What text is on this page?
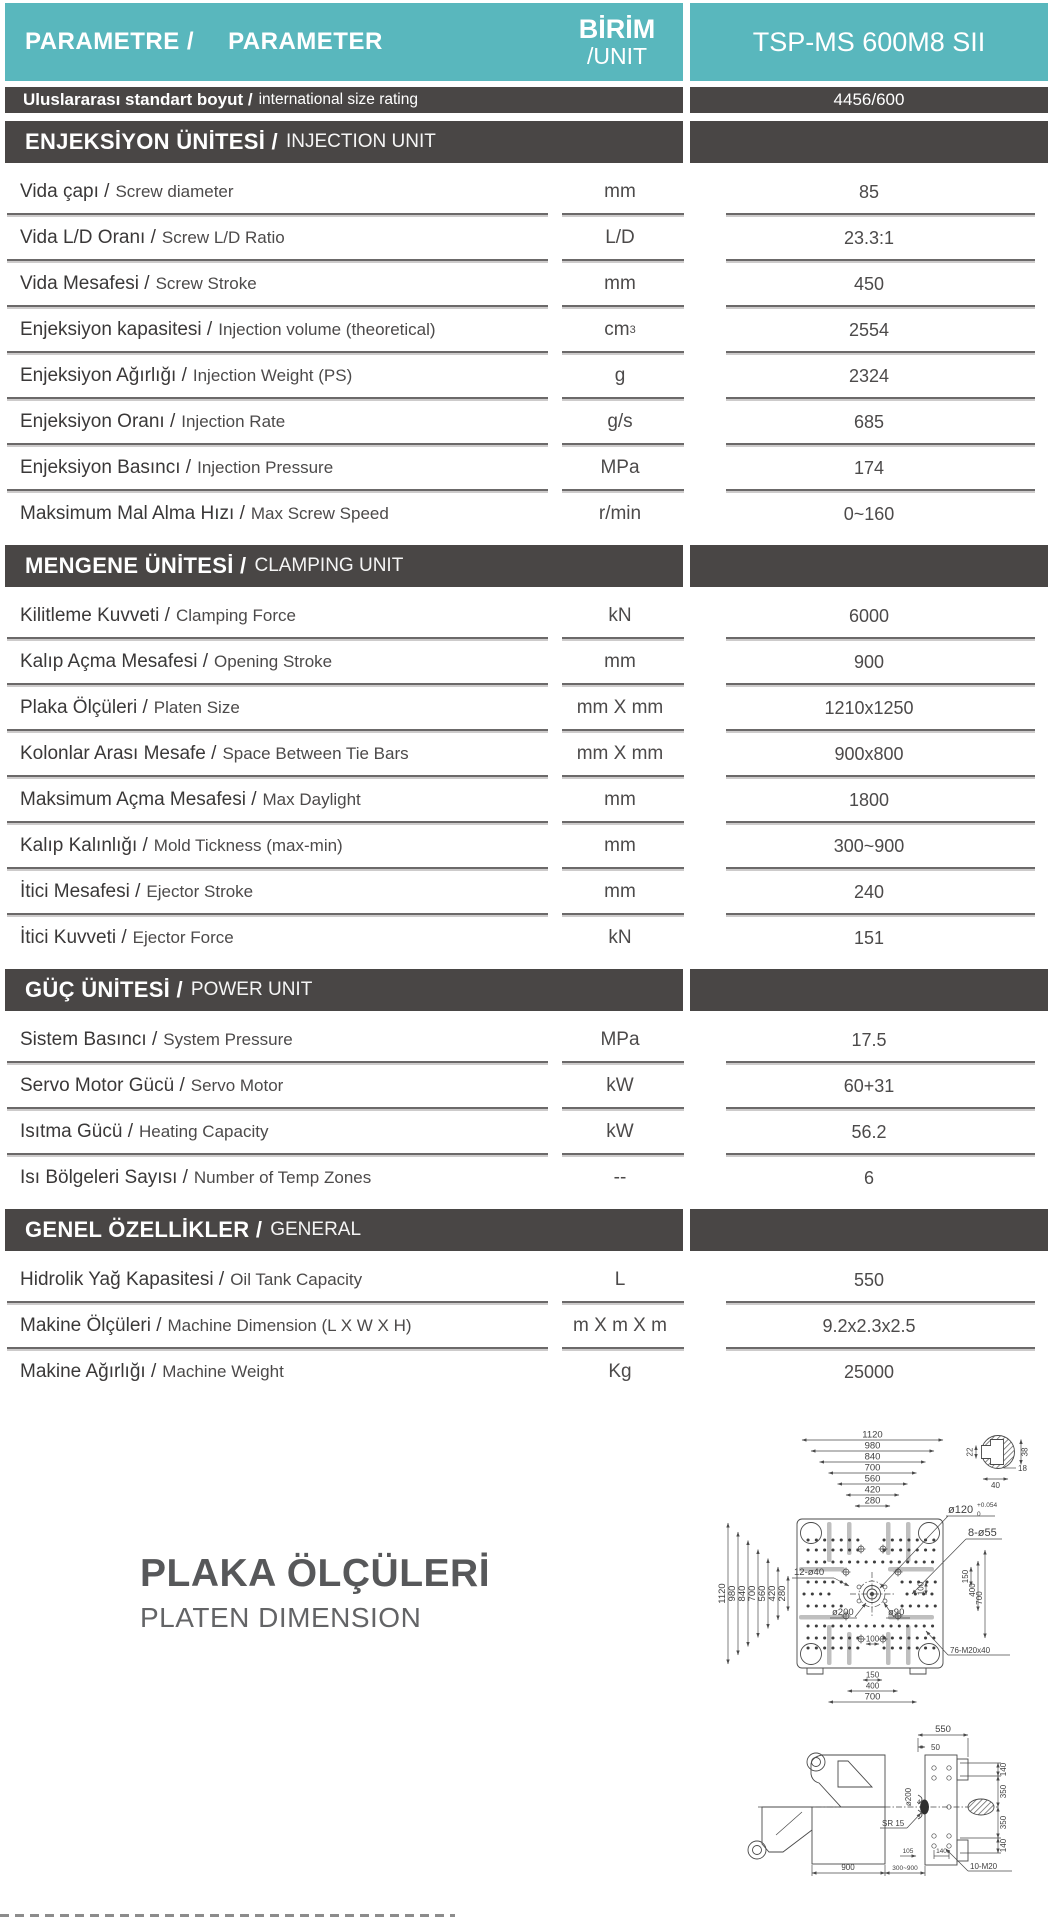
PARAMETRE / PARAMETER	BİRİM
/UNIT	TSP-MS 600M8 SII
Uluslararası standart boyut / international size rating	4456/600
ENJEKSİYON ÜNİTESİ / INJECTION UNIT
Vida çapı / Screw diameter	mm	85
Vida L/D Oranı / Screw L/D Ratio	L/D	23.3:1
Vida Mesafesi / Screw Stroke	mm	450
Enjeksiyon kapasitesi / Injection volume (theoretical)	cm 3	2554
Enjeksiyon Ağırlığı / Injection Weight (PS)	g	2324
Enjeksiyon Oranı / Injection Rate	g/s	685
Enjeksiyon Basıncı / Injection Pressure	MPa	174
Maksimum Mal Alma Hızı / Max Screw Speed	r/min	0~160
MENGENE ÜNİTESİ / CLAMPING UNIT
Kilitleme Kuvveti / Clamping Force	kN	6000
Kalıp Açma Mesafesi / Opening Stroke	mm	900
Plaka Ölçüleri / Platen Size	mm X mm	1210x1250
Kolonlar Arası Mesafe / Space Between Tie Bars	mm X mm	900x800
Maksimum Açma Mesafesi / Max Daylight	mm	1800
Kalıp Kalınlığı / Mold Tickness (max-min)	mm	300~900
İtici Mesafesi / Ejector Stroke	mm	240
İtici Kuvveti / Ejector Force	kN	151
GÜÇ ÜNİTESİ / POWER UNIT
Sistem Basıncı / System Pressure	MPa	17.5
Servo Motor Gücü / Servo Motor	kW	60+31
Isıtma Gücü / Heating Capacity	kW	56.2
Isı Bölgeleri Sayısı / Number of Temp Zones	--	6
GENEL ÖZELLİKLER / GENERAL
Hidrolik Yağ Kapasitesi / Oil Tank Capacity	L	550
Makine Ölçüleri / Machine Dimension (L X W X H)	m X m X m	9.2x2.3x2.5
Makine Ağırlığı / Machine Weight	Kg	25000
PLAKA ÖLÇÜLERİ
PLATEN DIMENSION
1120
980
840
700
560
420
280
1120 980 840 700 560 420 280
150
400
700
150
400
700
100
100
ø120 +0.054
0
8-ø55
12-ø40
ø200	ø90
76-M20x40
22	38
18
40
550
50
140
350
350
140
ø200 4
SR 15
900	300~900
105	140
10-M20
